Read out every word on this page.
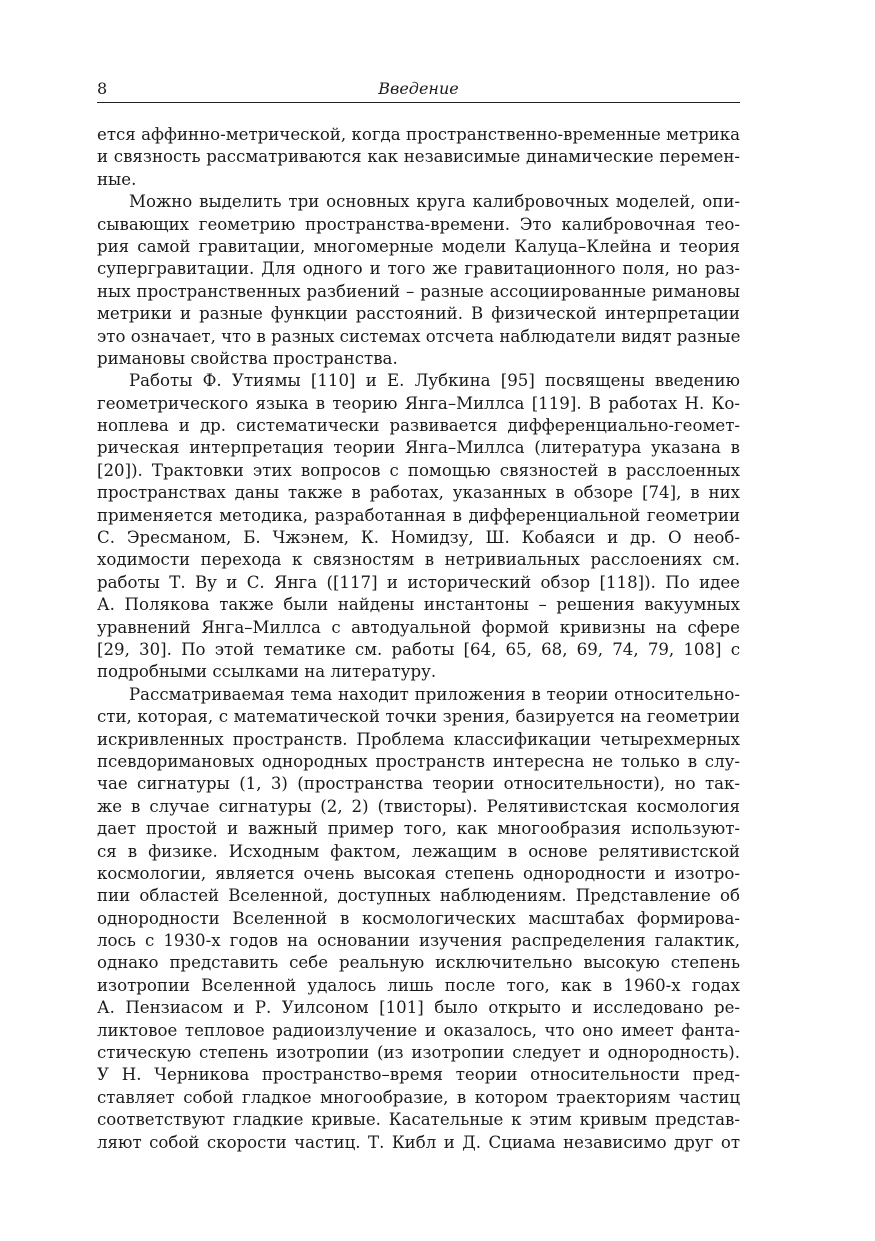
8	Введение
ется аффинно-метрической, когда пространственно-временные метрика
и связность рассматриваются как независимые динамические перемен-
ные.
Можно выделить три основных круга калибровочных моделей, опи-
сывающих геометрию пространства-времени. Это калибровочная тео-
рия самой гравитации, многомерные модели Калуца–Клейна и теория
супергравитации. Для одного и того же гравитационного поля, но раз-
ных пространственных разбиений – разные ассоциированные римановы
метрики и разные функции расстояний. В физической интерпретации
это означает, что в разных системах отсчета наблюдатели видят разные
римановы свойства пространства.
Работы Ф. Утиямы [110] и Е. Лубкина [95] посвящены введению
геометрического языка в теорию Янга–Миллса [119]. В работах Н. Ко-
ноплева и др. систематически развивается дифференциально-геомет-
рическая интерпретация теории Янга–Миллса (литература указана в
[20]). Трактовки этих вопросов с помощью связностей в расслоенных
пространствах даны также в работах, указанных в обзоре [74], в них
применяется методика, разработанная в дифференциальной геометрии
С. Эресманом, Б. Чжэнем, К. Номидзу, Ш. Кобаяси и др. О необ-
ходимости перехода к связностям в нетривиальных расслоениях см.
работы Т. Ву и С. Янга ([117] и исторический обзор [118]). По идее
А. Полякова также были найдены инстантоны – решения вакуумных
уравнений Янга–Миллса с автодуальной формой кривизны на сфере
[29, 30]. По этой тематике см. работы [64, 65, 68, 69, 74, 79, 108] с
подробными ссылками на литературу.
Рассматриваемая тема находит приложения в теории относительно-
сти, которая, с математической точки зрения, базируется на геометрии
искривленных пространств. Проблема классификации четырехмерных
псевдоримановых однородных пространств интересна не только в слу-
чае сигнатуры (1, 3) (пространства теории относительности), но так-
же в случае сигнатуры (2, 2) (твисторы). Релятивистская космология
дает простой и важный пример того, как многообразия используют-
ся в физике. Исходным фактом, лежащим в основе релятивистской
космологии, является очень высокая степень однородности и изотро-
пии областей Вселенной, доступных наблюдениям. Представление об
однородности Вселенной в космологических масштабах формирова-
лось с 1930-х годов на основании изучения распределения галактик,
однако представить себе реальную исключительно высокую степень
изотропии Вселенной удалось лишь после того, как в 1960-х годах
А. Пензиасом и Р. Уилсоном [101] было открыто и исследовано ре-
ликтовое тепловое радиоизлучение и оказалось, что оно имеет фанта-
стическую степень изотропии (из изотропии следует и однородность).
У Н. Черникова пространство–время теории относительности пред-
ставляет собой гладкое многообразие, в котором траекториям частиц
соответствуют гладкие кривые. Касательные к этим кривым представ-
ляют собой скорости частиц. Т. Кибл и Д. Сциама независимо друг от
